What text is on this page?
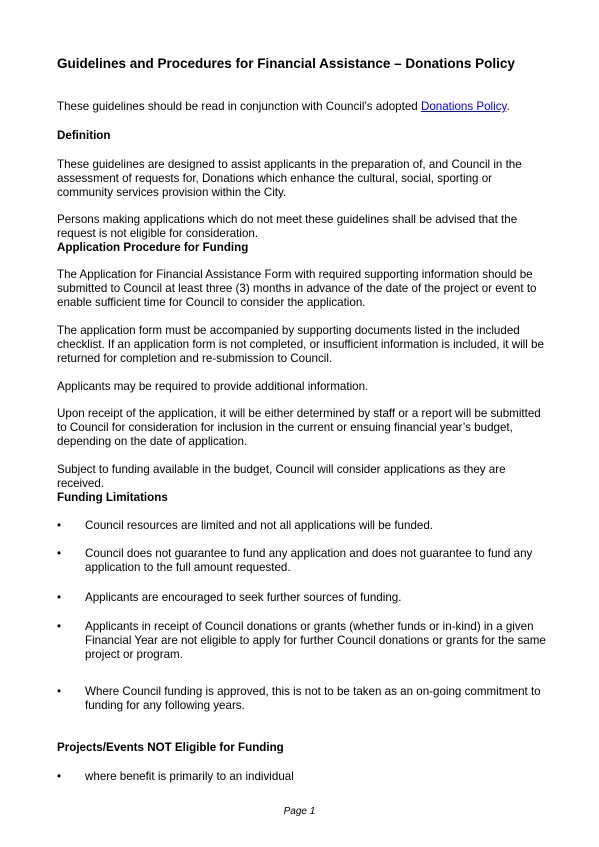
Guidelines and Procedures for Financial Assistance – Donations Policy
These guidelines should be read in conjunction with Council’s adopted Donations Policy.
Definition
These guidelines are designed to assist applicants in the preparation of, and Council in the assessment of requests for, Donations which enhance the cultural, social, sporting or community services provision within the City.
Persons making applications which do not meet these guidelines shall be advised that the request is not eligible for consideration.
Application Procedure for Funding
The Application for Financial Assistance Form with required supporting information should be submitted to Council at least three (3) months in advance of the date of the project or event to enable sufficient time for Council to consider the application.
The application form must be accompanied by supporting documents listed in the included checklist. If an application form is not completed, or insufficient information is included, it will be returned for completion and re-submission to Council.
Applicants may be required to provide additional information.
Upon receipt of the application, it will be either determined by staff or a report will be submitted to Council for consideration for inclusion in the current or ensuing financial year’s budget, depending on the date of application.
Subject to funding available in the budget, Council will consider applications as they are received.
Funding Limitations
•	Council resources are limited and not all applications will be funded.
•	Council does not guarantee to fund any application and does not guarantee to fund any application to the full amount requested.
•	Applicants are encouraged to seek further sources of funding.
•	Applicants in receipt of Council donations or grants (whether funds or in-kind) in a given Financial Year are not eligible to apply for further Council donations or grants for the same project or program.
•	Where Council funding is approved, this is not to be taken as an on-going commitment to funding for any following years.
Projects/Events NOT Eligible for Funding
•	where benefit is primarily to an individual
Page 1
